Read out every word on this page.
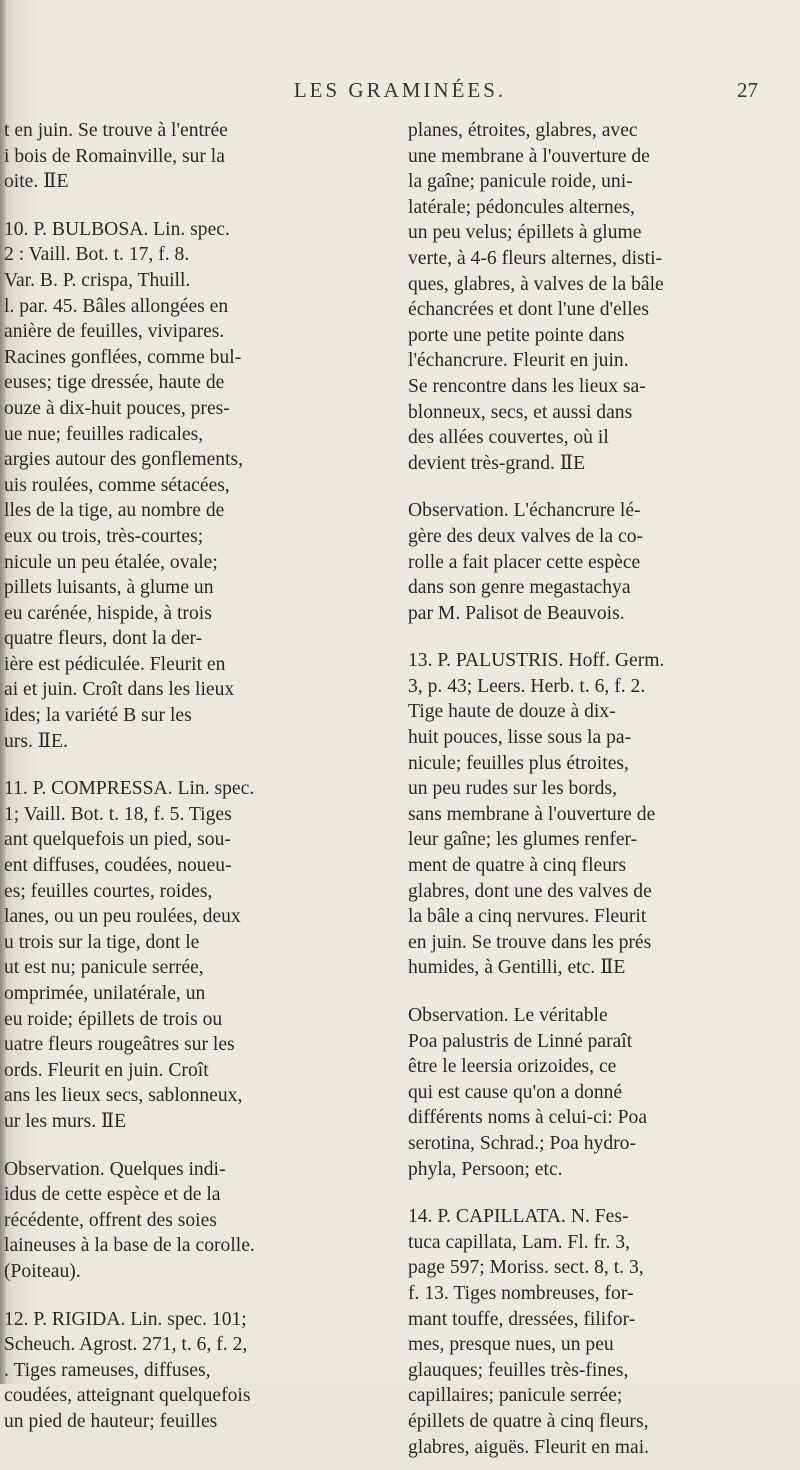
LES GRAMINÉES.	27

t en juin. Se trouve à l'entrée
i bois de Romainville, sur la
oite. ⅡE

10. P. BULBOSA. Lin. spec.
2 : Vaill. Bot. t. 17, f. 8.
Var. B. P. crispa, Thuill.
l. par. 45. Bâles allongées en
anière de feuilles, vivipares.
Racines gonflées, comme bul-
euses; tige dressée, haute de
ouze à dix-huit pouces, pres-
ue nue; feuilles radicales,
argies autour des gonflements,
uis roulées, comme sétacées,
lles de la tige, au nombre de
eux ou trois, très-courtes;
nicule un peu étalée, ovale;
pillets luisants, à glume un
eu carénée, hispide, à trois
quatre fleurs, dont la der-
ière est pédiculée. Fleurit en
ai et juin. Croît dans les lieux
ides; la variété B sur les
urs. ⅡE.

11. P. COMPRESSA. Lin. spec.
1; Vaill. Bot. t. 18, f. 5. Tiges
ant quelquefois un pied, sou-
ent diffuses, coudées, noueu-
es; feuilles courtes, roides,
lanes, ou un peu roulées, deux
u trois sur la tige, dont le
ut est nu; panicule serrée,
omprimée, unilatérale, un
eu roide; épillets de trois ou
uatre fleurs rougeâtres sur les
ords. Fleurit en juin. Croît
ans les lieux secs, sablonneux,
ur les murs. ⅡE

Observation. Quelques indi-
idus de cette espèce et de la
récédente, offrent des soies
laineuses à la base de la corolle.
(Poiteau).

12. P. RIGIDA. Lin. spec. 101;
Scheuch. Agrost. 271, t. 6, f. 2,
. Tiges rameuses, diffuses,
coudées, atteignant quelquefois
un pied de hauteur; feuilles

planes, étroites, glabres, avec
une membrane à l'ouverture de
la gaîne; panicule roide, uni-
latérale; pédoncules alternes,
un peu velus; épillets à glume
verte, à 4-6 fleurs alternes, disti-
ques, glabres, à valves de la bâle
échancrées et dont l'une d'elles
porte une petite pointe dans
l'échancrure. Fleurit en juin.
Se rencontre dans les lieux sa-
blonneux, secs, et aussi dans
des allées couvertes, où il
devient très-grand. ⅡE

Observation. L'échancrure lé-
gère des deux valves de la co-
rolle a fait placer cette espèce
dans son genre megastachya
par M. Palisot de Beauvois.

13. P. PALUSTRIS. Hoff. Germ.
3, p. 43; Leers. Herb. t. 6, f. 2.
Tige haute de douze à dix-
huit pouces, lisse sous la pa-
nicule; feuilles plus étroites,
un peu rudes sur les bords,
sans membrane à l'ouverture de
leur gaîne; les glumes renfer-
ment de quatre à cinq fleurs
glabres, dont une des valves de
la bâle a cinq nervures. Fleurit
en juin. Se trouve dans les prés
humides, à Gentilli, etc. ⅡE

Observation. Le véritable
Poa palustris de Linné paraît
être le leersia orizoides, ce
qui est cause qu'on a donné
différents noms à celui-ci: Poa
serotina, Schrad.; Poa hydro-
phyla, Persoon; etc.

14. P. CAPILLATA. N. Fes-
tuca capillata, Lam. Fl. fr. 3,
page 597; Moriss. sect. 8, t. 3,
f. 13. Tiges nombreuses, for-
mant touffe, dressées, filifor-
mes, presque nues, un peu
glauques; feuilles très-fines,
capillaires; panicule serrée;
épillets de quatre à cinq fleurs,
glabres, aiguës. Fleurit en mai.
